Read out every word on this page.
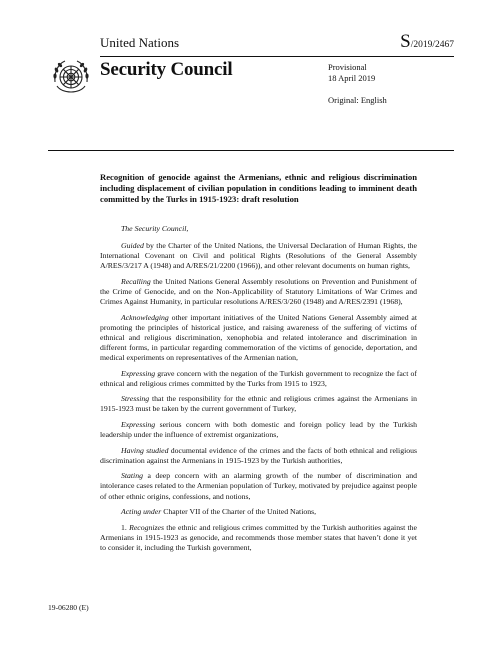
United Nations	S/2019/2467
Security Council	Provisional
18 April 2019
Original: English
Recognition of genocide against the Armenians, ethnic and religious discrimination including displacement of civilian population in conditions leading to imminent death committed by the Turks in 1915-1923: draft resolution

The Security Council,

Guided by the Charter of the United Nations, the Universal Declaration of Human Rights, the International Covenant on Civil and political Rights (Resolutions of the General Assembly A/RES/3/217 A (1948) and A/RES/21/2200 (1966)), and other relevant documents on human rights,

Recalling the United Nations General Assembly resolutions on Prevention and Punishment of the Crime of Genocide, and on the Non-Applicability of Statutory Limitations of War Crimes and Crimes Against Humanity, in particular resolutions A/RES/3/260 (1948) and A/RES/2391 (1968),

Acknowledging other important initiatives of the United Nations General Assembly aimed at promoting the principles of historical justice, and raising awareness of the suffering of victims of ethnical and religious discrimination, xenophobia and related intolerance and discrimination in different forms, in particular regarding commemoration of the victims of genocide, deportation, and medical experiments on representatives of the Armenian nation,

Expressing grave concern with the negation of the Turkish government to recognize the fact of ethnical and religious crimes committed by the Turks from 1915 to 1923,

Stressing that the responsibility for the ethnic and religious crimes against the Armenians in 1915-1923 must be taken by the current government of Turkey,

Expressing serious concern with both domestic and foreign policy lead by the Turkish leadership under the influence of extremist organizations,

Having studied documental evidence of the crimes and the facts of both ethnical and religious discrimination against the Armenians in 1915-1923 by the Turkish authorities,

Stating a deep concern with an alarming growth of the number of discrimination and intolerance cases related to the Armenian population of Turkey, motivated by prejudice against people of other ethnic origins, confessions, and notions,

Acting under Chapter VII of the Charter of the United Nations,

1. Recognizes the ethnic and religious crimes committed by the Turkish authorities against the Armenians in 1915-1923 as genocide, and recommends those member states that haven’t done it yet to consider it, including the Turkish government,

19-06280 (E)
